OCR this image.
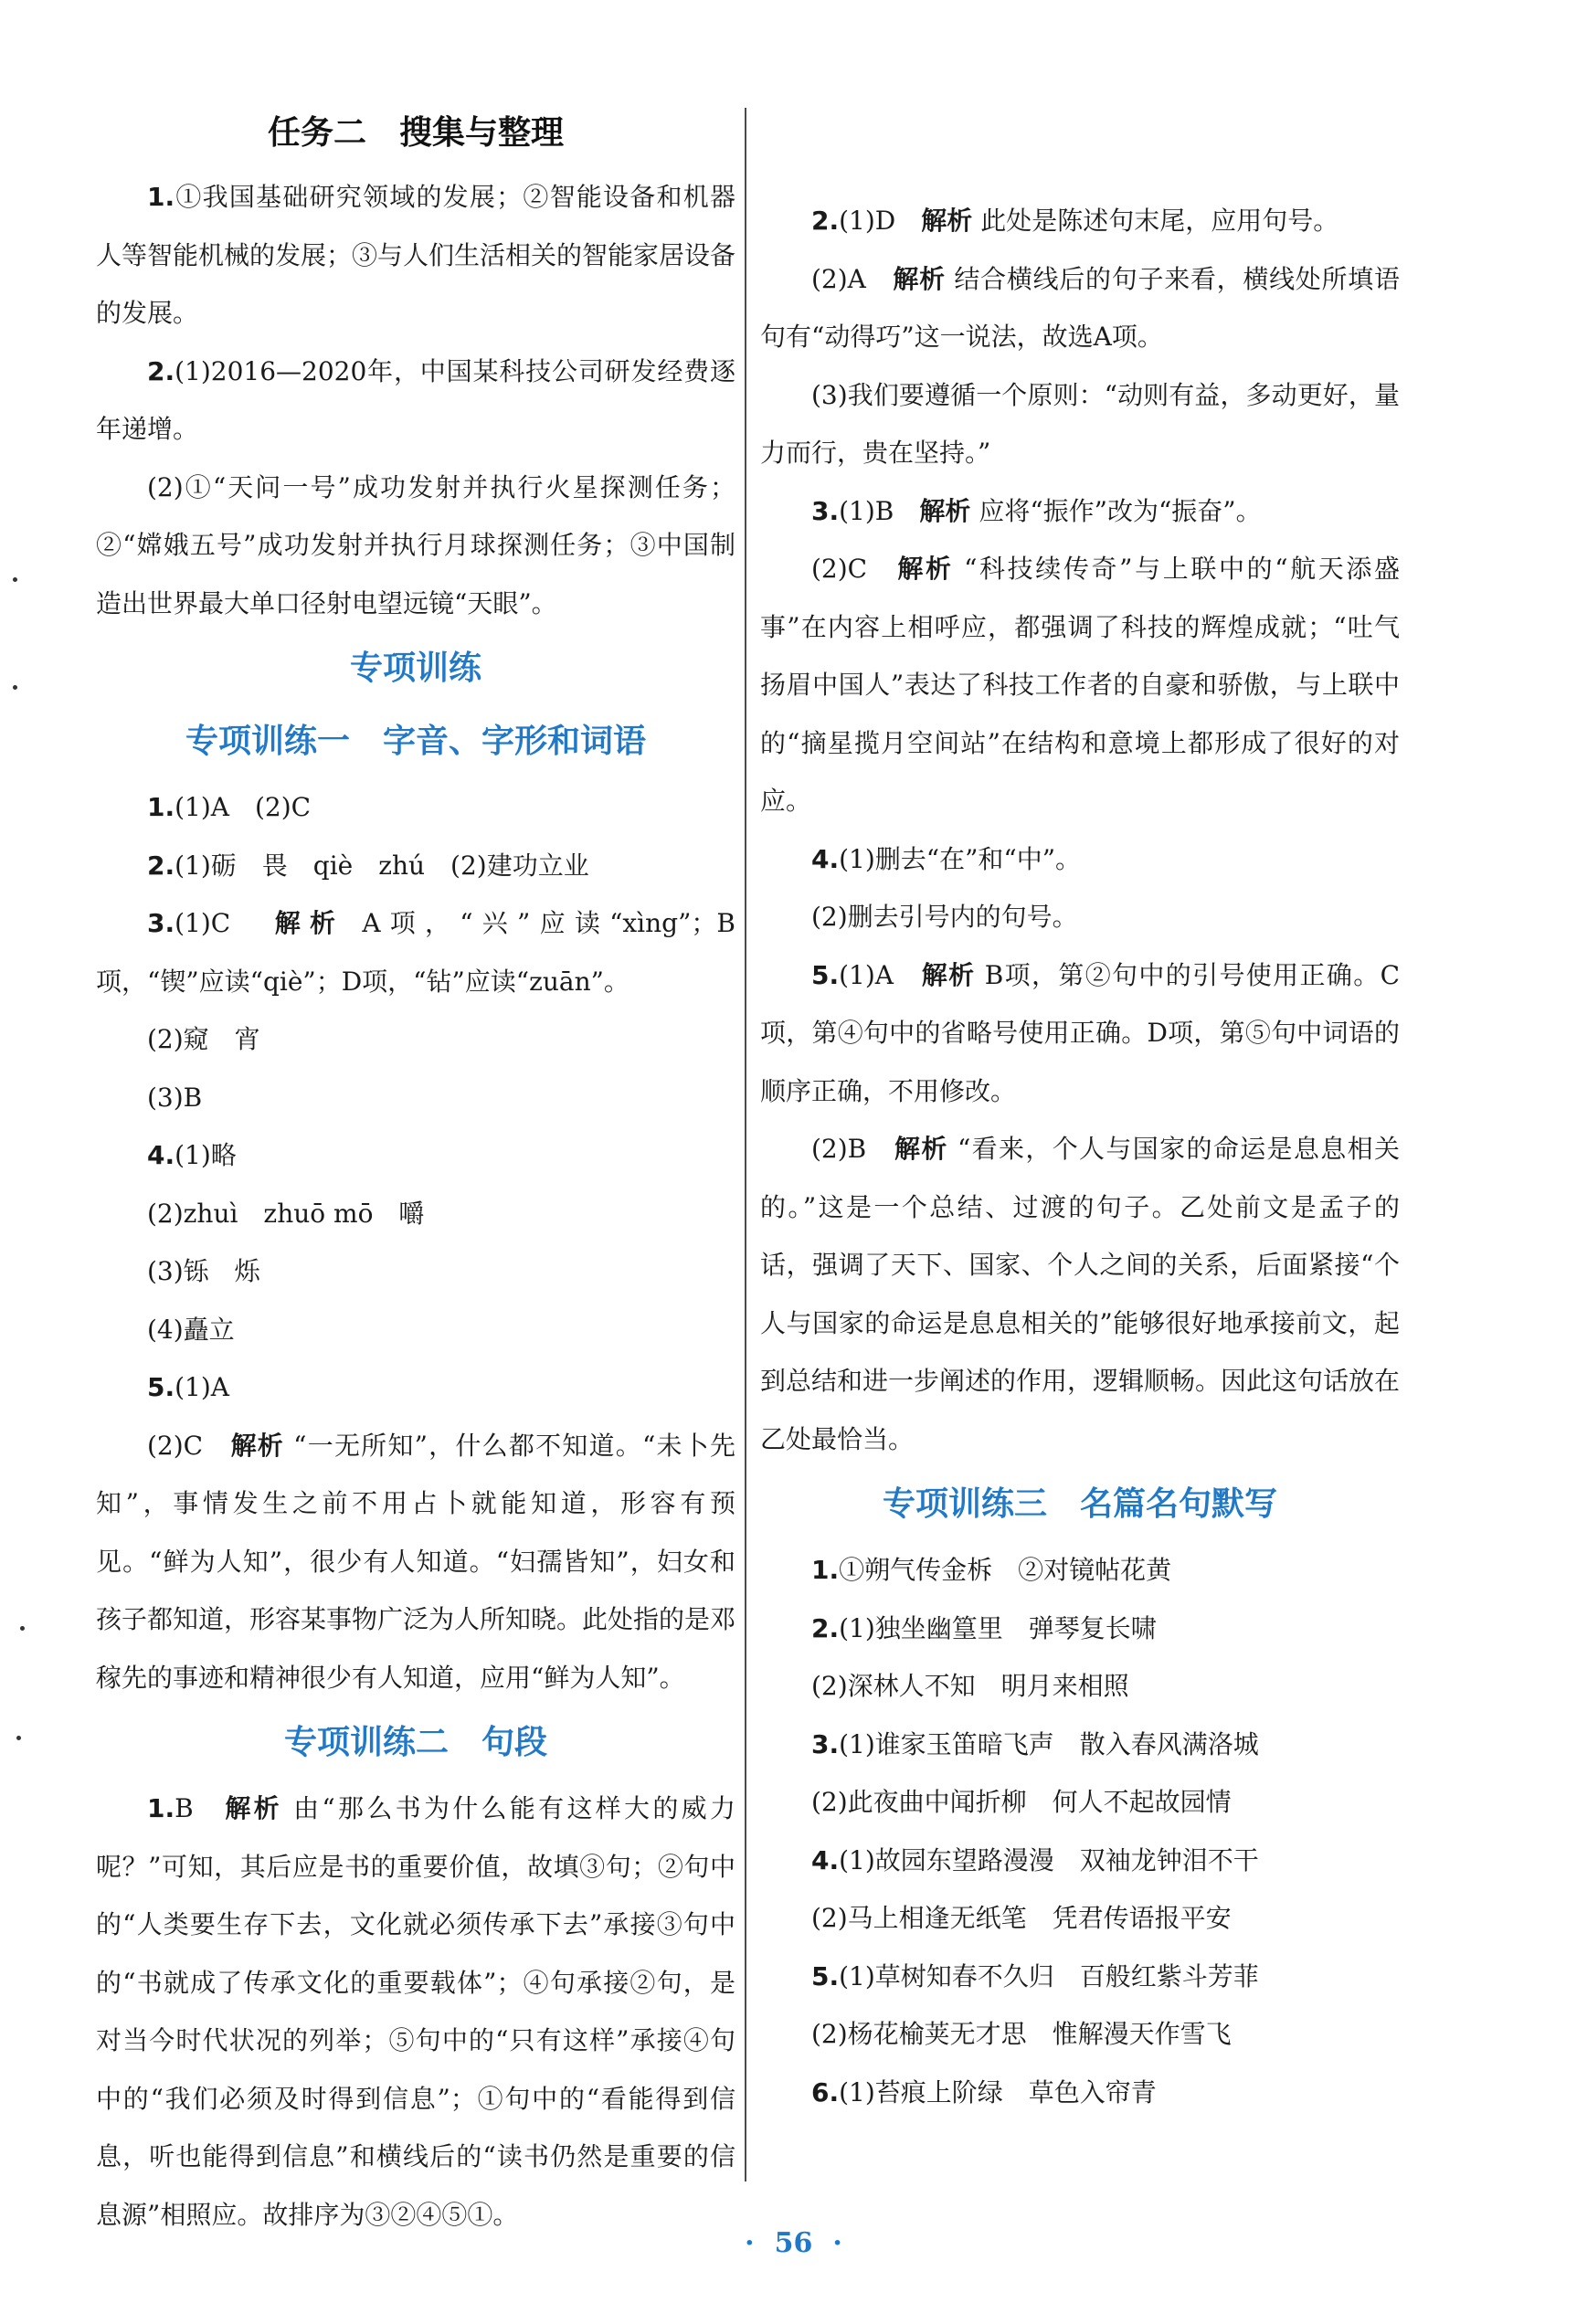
任务二　搜集与整理

1.①我国基础研究领域的发展；②智能设备和机器人等智能机械的发展；③与人们生活相关的智能家居设备的发展。

2.(1)2016—2020年，中国某科技公司研发经费逐年递增。

(2)①“天问一号”成功发射并执行火星探测任务；②“嫦娥五号”成功发射并执行月球探测任务；③中国制造出世界最大单口径射电望远镜“天眼”。

专项训练
专项训练一　字音、字形和词语

1.(1)A　(2)C

2.(1)砺　畏　qiè　zhú　(2)建功立业

3.(1)C　 解析 A项，“兴”应读“xìng”；B项，“锲”应读“qiè”；D项，“钻”应读“zuān”。

(2)窥　宵

(3)B

4.(1)略

(2)zhuì　zhuō mō　嚼

(3)铄　烁

(4)矗立

5.(1)A

(2)C　 解析 “一无所知”，什么都不知道。“未卜先知”，事情发生之前不用占卜就能知道，形容有预见。“鲜为人知”，很少有人知道。“妇孺皆知”，妇女和孩子都知道，形容某事物广泛为人所知晓。此处指的是邓稼先的事迹和精神很少有人知道，应用“鲜为人知”。

专项训练二　句段

1.B　 解析 由“那么书为什么能有这样大的威力呢？”可知，其后应是书的重要价值，故填③句；②句中的“人类要生存下去，文化就必须传承下去”承接③句中的“书就成了传承文化的重要载体”；④句承接②句，是对当今时代状况的列举；⑤句中的“只有这样”承接④句中的“我们必须及时得到信息”；①句中的“看能得到信息，听也能得到信息”和横线后的“读书仍然是重要的信息源”相照应。故排序为③②④⑤①。

2.(1)D　 解析 此处是陈述句末尾，应用句号。

(2)A　 解析 结合横线后的句子来看，横线处所填语句有“动得巧”这一说法，故选A项。

(3)我们要遵循一个原则：“动则有益，多动更好，量力而行，贵在坚持。”

3.(1)B　 解析 应将“振作”改为“振奋”。

(2)C　 解析 “科技续传奇”与上联中的“航天添盛事”在内容上相呼应，都强调了科技的辉煌成就；“吐气扬眉中国人”表达了科技工作者的自豪和骄傲，与上联中的“摘星揽月空间站”在结构和意境上都形成了很好的对应。

4.(1)删去“在”和“中”。

(2)删去引号内的句号。

5.(1)A　 解析 B项，第②句中的引号使用正确。C项，第④句中的省略号使用正确。D项，第⑤句中词语的顺序正确，不用修改。

(2)B　 解析 “看来，个人与国家的命运是息息相关的。”这是一个总结、过渡的句子。乙处前文是孟子的话，强调了天下、国家、个人之间的关系，后面紧接“个人与国家的命运是息息相关的”能够很好地承接前文，起到总结和进一步阐述的作用，逻辑顺畅。因此这句话放在乙处最恰当。

专项训练三　名篇名句默写

1.①朔气传金柝　②对镜帖花黄

2.(1)独坐幽篁里　弹琴复长啸

(2)深林人不知　明月来相照

3.(1)谁家玉笛暗飞声　散入春风满洛城

(2)此夜曲中闻折柳　何人不起故园情

4.(1)故园东望路漫漫　双袖龙钟泪不干

(2)马上相逢无纸笔　凭君传语报平安

5.(1)草树知春不久归　百般红紫斗芳菲

(2)杨花榆荚无才思　惟解漫天作雪飞

6.(1)苔痕上阶绿　草色入帘青

· 56 ·
